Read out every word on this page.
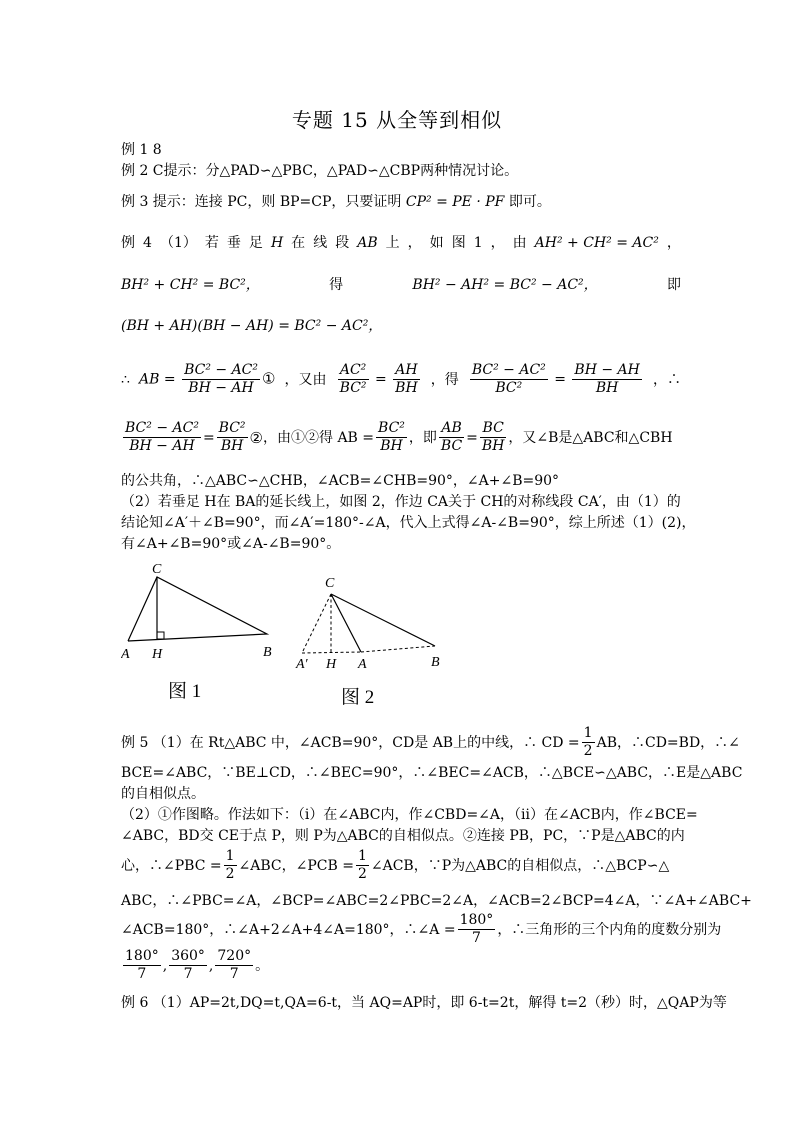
专题 15 从全等到相似
例 1 8
例 2 C提示：分△PAD∽△PBC，△PAD∽△CBP两种情况讨论。
例 3 提示：连接 PC，则 BP=CP，只要证明 CP² = PE · PF 即可。
例 4 （1） 若 垂 足 H 在 线 段 AB 上 ， 如 图 1 ， 由 AH² + CH² = AC² ，
BH² + CH² = BC²，	得	BH² − AH² = BC² − AC²，	即
(BH + AH)(BH − AH) = BC² − AC²，
∴ AB = $\frac{\text{BC² − AC²}}{BH - AH}$ ① ，又由 $\frac{\text{AC²}}{\text{BC²}} = \frac{AH}{BH}$ ，得 $\frac{\text{BC² − AC²}}{\text{BC²}} = \frac{BH - AH}{BH}$ ，∴
$\frac{\text{BC² − AC²}}{BH - AH} = \frac{\text{BC²}}{BH}$ ② ，由①②得 AB = $\frac{\text{BC²}}{BH}$ ，即 $\frac{AB}{BC} = \frac{BC}{BH}$ ，又∠B是△ABC和△CBH
的公共角，∴△ABC∽△CHB，∠ACB=∠CHB=90°，∠A+∠B=90°
（2）若垂足 H在 BA的延长线上，如图 2，作边 CA关于 CH的对称线段 CA′，由（1）的
结论知∠A′＋∠B=90°，而∠A′=180°-∠A，代入上式得∠A-∠B=90°，综上所述（1）(2)，
有∠A+∠B=90°或∠A-∠B=90°。
C
A H	B
图 1
C
A′ H A	B
图 2
例 5 （1）在 Rt△ABC 中，∠ACB=90°，CD是 AB上的中线，∴ CD = $\frac{1}{2}$ AB，∴CD=BD，∴∠
BCE=∠ABC，∵BE⊥CD，∴∠BEC=90°，∴∠BEC=∠ACB，∴△BCE∽△ABC，∴E是△ABC
的自相似点。
（2）①作图略。作法如下：（ⅰ）在∠ABC内，作∠CBD=∠A，（ⅱ）在∠ACB内，作∠BCE=
∠ABC，BD交 CE于点 P，则 P为△ABC的自相似点。②连接 PB，PC，∵P是△ABC的内
心，∴∠PBC = $\frac{1}{2}$ ∠ABC，∠PCB = $\frac{1}{2}$ ∠ACB，∵P为△ABC的自相似点，∴△BCP∽△
ABC，∴∠PBC=∠A，∠BCP=∠ABC=2∠PBC=2∠A，∠ACB=2∠BCP=4∠A，∵∠A+∠ABC+
∠ACB=180°，∴∠A+2∠A+4∠A=180°，∴∠A = $\frac{180^\circ}{7}$ ，∴三角形的三个内角的度数分别为
$\frac{180^\circ}{7}$ , $\frac{360^\circ}{7}$ , $\frac{720^\circ}{7}$ 。
例 6 （1）AP=2t,DQ=t,QA=6-t，当 AQ=AP时，即 6-t=2t，解得 t=2（秒）时，△QAP为等
